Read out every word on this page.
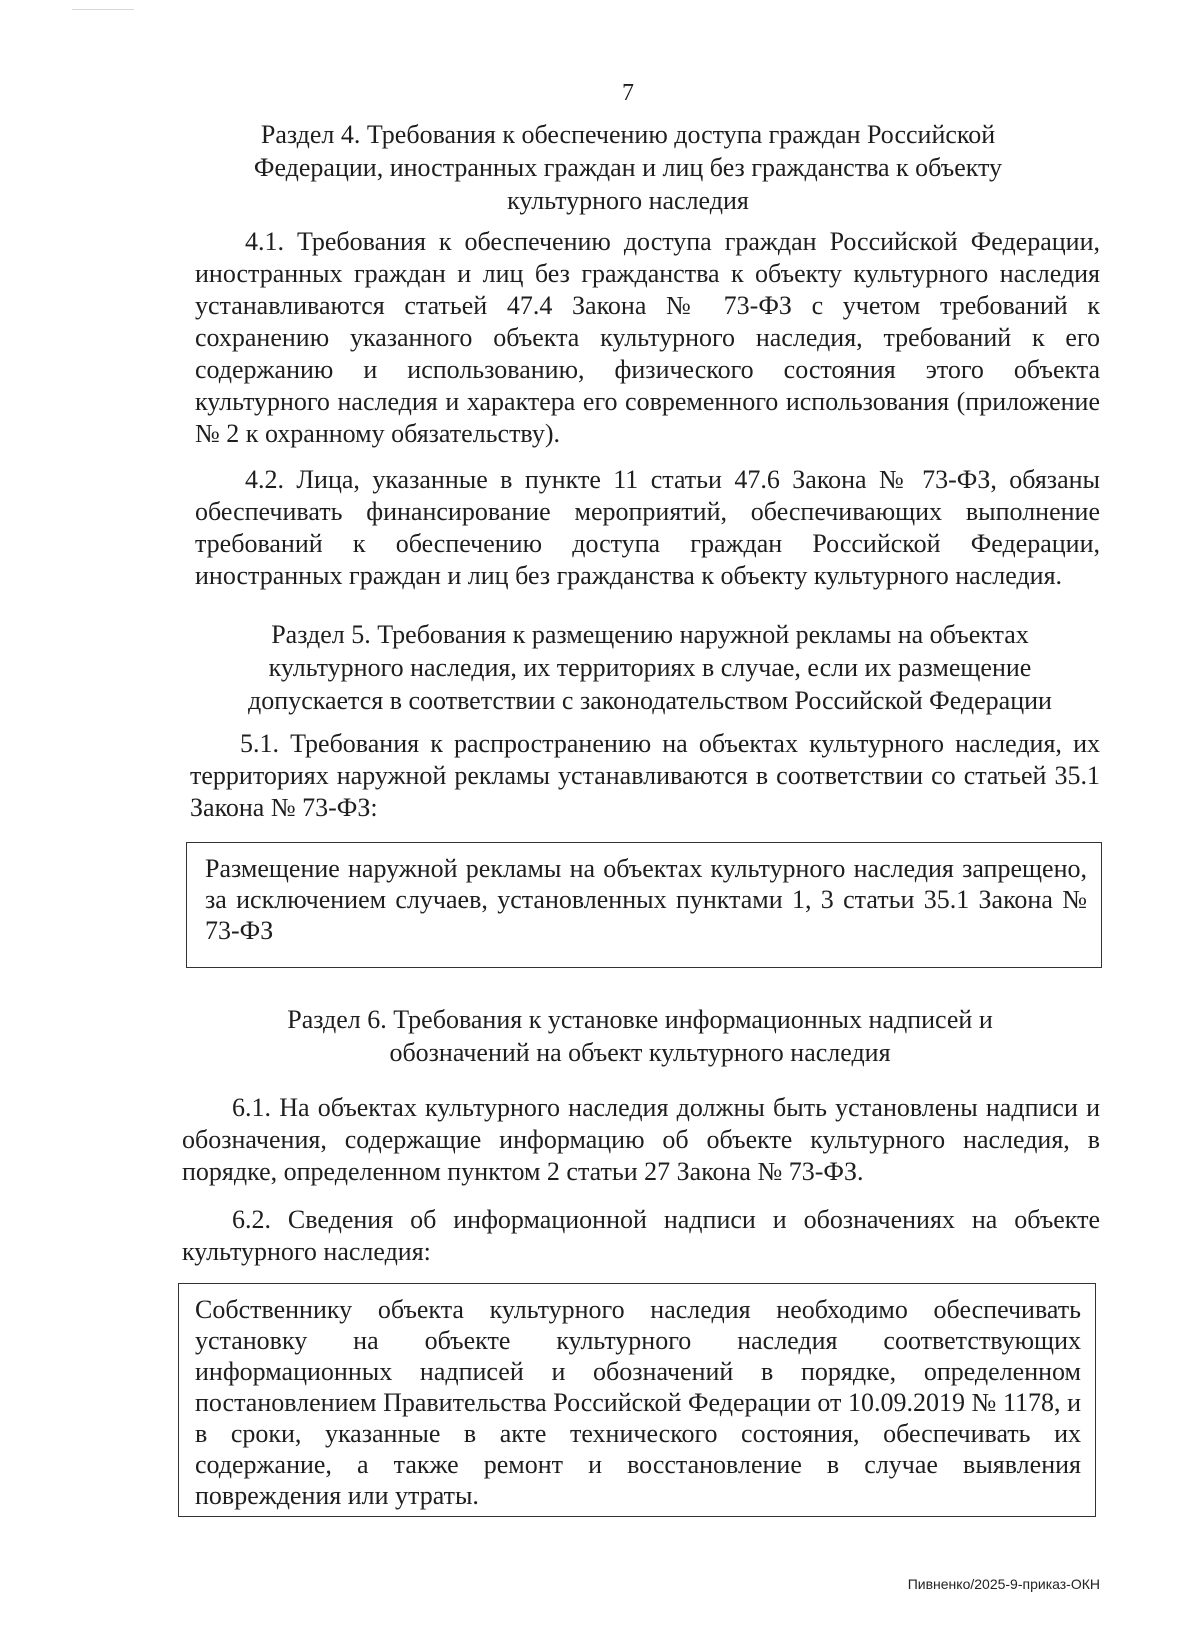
7
Раздел 4. Требования к обеспечению доступа граждан Российской Федерации, иностранных граждан и лиц без гражданства к объекту культурного наследия
4.1. Требования к обеспечению доступа граждан Российской Федерации, иностранных граждан и лиц без гражданства к объекту культурного наследия устанавливаются статьей 47.4 Закона № 73-ФЗ с учетом требований к сохранению указанного объекта культурного наследия, требований к его содержанию и использованию, физического состояния этого объекта культурного наследия и характера его современного использования (приложение № 2 к охранному обязательству).
4.2. Лица, указанные в пункте 11 статьи 47.6 Закона № 73-ФЗ, обязаны обеспечивать финансирование мероприятий, обеспечивающих выполнение требований к обеспечению доступа граждан Российской Федерации, иностранных граждан и лиц без гражданства к объекту культурного наследия.
Раздел 5. Требования к размещению наружной рекламы на объектах культурного наследия, их территориях в случае, если их размещение допускается в соответствии с законодательством Российской Федерации
5.1. Требования к распространению на объектах культурного наследия, их территориях наружной рекламы устанавливаются в соответствии со статьей 35.1 Закона № 73-ФЗ:
Размещение наружной рекламы на объектах культурного наследия запрещено, за исключением случаев, установленных пунктами 1, 3 статьи 35.1 Закона № 73-ФЗ
Раздел 6. Требования к установке информационных надписей и обозначений на объект культурного наследия
6.1. На объектах культурного наследия должны быть установлены надписи и обозначения, содержащие информацию об объекте культурного наследия, в порядке, определенном пунктом 2 статьи 27 Закона № 73-ФЗ.
6.2. Сведения об информационной надписи и обозначениях на объекте культурного наследия:
Собственнику объекта культурного наследия необходимо обеспечивать установку на объекте культурного наследия соответствующих информационных надписей и обозначений в порядке, определенном постановлением Правительства Российской Федерации от 10.09.2019 № 1178, и в сроки, указанные в акте технического состояния, обеспечивать их содержание, а также ремонт и восстановление в случае выявления повреждения или утраты.
Пивненко/2025-9-приказ-ОКН
